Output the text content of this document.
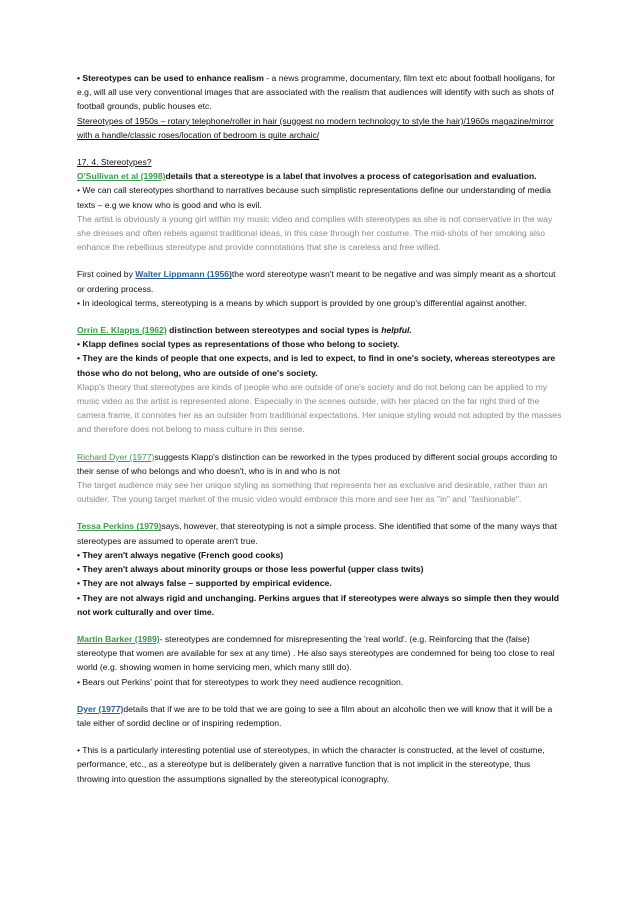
• Stereotypes can be used to enhance realism - a news programme, documentary, film text etc about football hooligans, for e.g, will all use very conventional images that are associated with the realism that audiences will identify with such as shots of football grounds, public houses etc.

Stereotypes of 1950s – rotary telephone/roller in hair (suggest no modern technology to style the hair)/1960s magazine/mirror with a handle/classic roses/location of bedroom is quite archaic/

17. 4. Stereotypes?

O'Sullivan et al (1998)details that a stereotype is a label that involves a process of categorisation and evaluation.

• We can call stereotypes shorthand to narratives because such simplistic representations define our understanding of media texts – e.g we know who is good and who is evil.

The artist is obviously a young girl within my music video and complies with stereotypes as she is not conservative in the way she dresses and often rebels against traditional ideas, in this case through her costume. The mid-shots of her smoking also enhance the rebellious stereotype and provide connotations that she is careless and free willed.

First coined by Walter Lippmann (1956)the word stereotype wasn't meant to be negative and was simply meant as a shortcut or ordering process.

• In ideological terms, stereotyping is a means by which support is provided by one group's differential against another.

Orrin E. Klapps (1962) distinction between stereotypes and social types is helpful.

• Klapp defines social types as representations of those who belong to society.

• They are the kinds of people that one expects, and is led to expect, to find in one's society, whereas stereotypes are those who do not belong, who are outside of one's society.

Klapp's theory that stereotypes are kinds of people who are outside of one's society and do not belong can be applied to my music video as the artist is represented alone. Especially in the scenes outside, with her placed on the far right third of the camera frame, it connotes her as an outsider from traditional expectations. Her unique styling would not adopted by the masses and therefore does not belong to mass culture in this sense.

Richard Dyer (1977)suggests Klapp's distinction can be reworked in the types produced by different social groups according to their sense of who belongs and who doesn't, who is in and who is not

The target audience may see her unique styling as something that represents her as exclusive and desirable, rather than an outsider. The young target market of the music video would embrace this more and see her as "in" and "fashionable".

Tessa Perkins (1979)says, however, that stereotyping is not a simple process. She identified that some of the many ways that stereotypes are assumed to operate aren't true.

• They aren't always negative (French good cooks)

• They aren't always about minority groups or those less powerful (upper class twits)

• They are not always false – supported by empirical evidence.

• They are not always rigid and unchanging. Perkins argues that if stereotypes were always so simple then they would not work culturally and over time.

Martin Barker (1989)- stereotypes are condemned for misrepresenting the 'real world'. (e.g. Reinforcing that the (false) stereotype that women are available for sex at any time) . He also says stereotypes are condemned for being too close to real world (e.g. showing women in home servicing men, which many still do).

• Bears out Perkins' point that for stereotypes to work they need audience recognition.

Dyer (1977)details that if we are to be told that we are going to see a film about an alcoholic then we will know that it will be a tale either of sordid decline or of inspiring redemption.

• This is a particularly interesting potential use of stereotypes, in which the character is constructed, at the level of costume, performance, etc., as a stereotype but is deliberately given a narrative function that is not implicit in the stereotype, thus throwing into question the assumptions signalled by the stereotypical iconography.
